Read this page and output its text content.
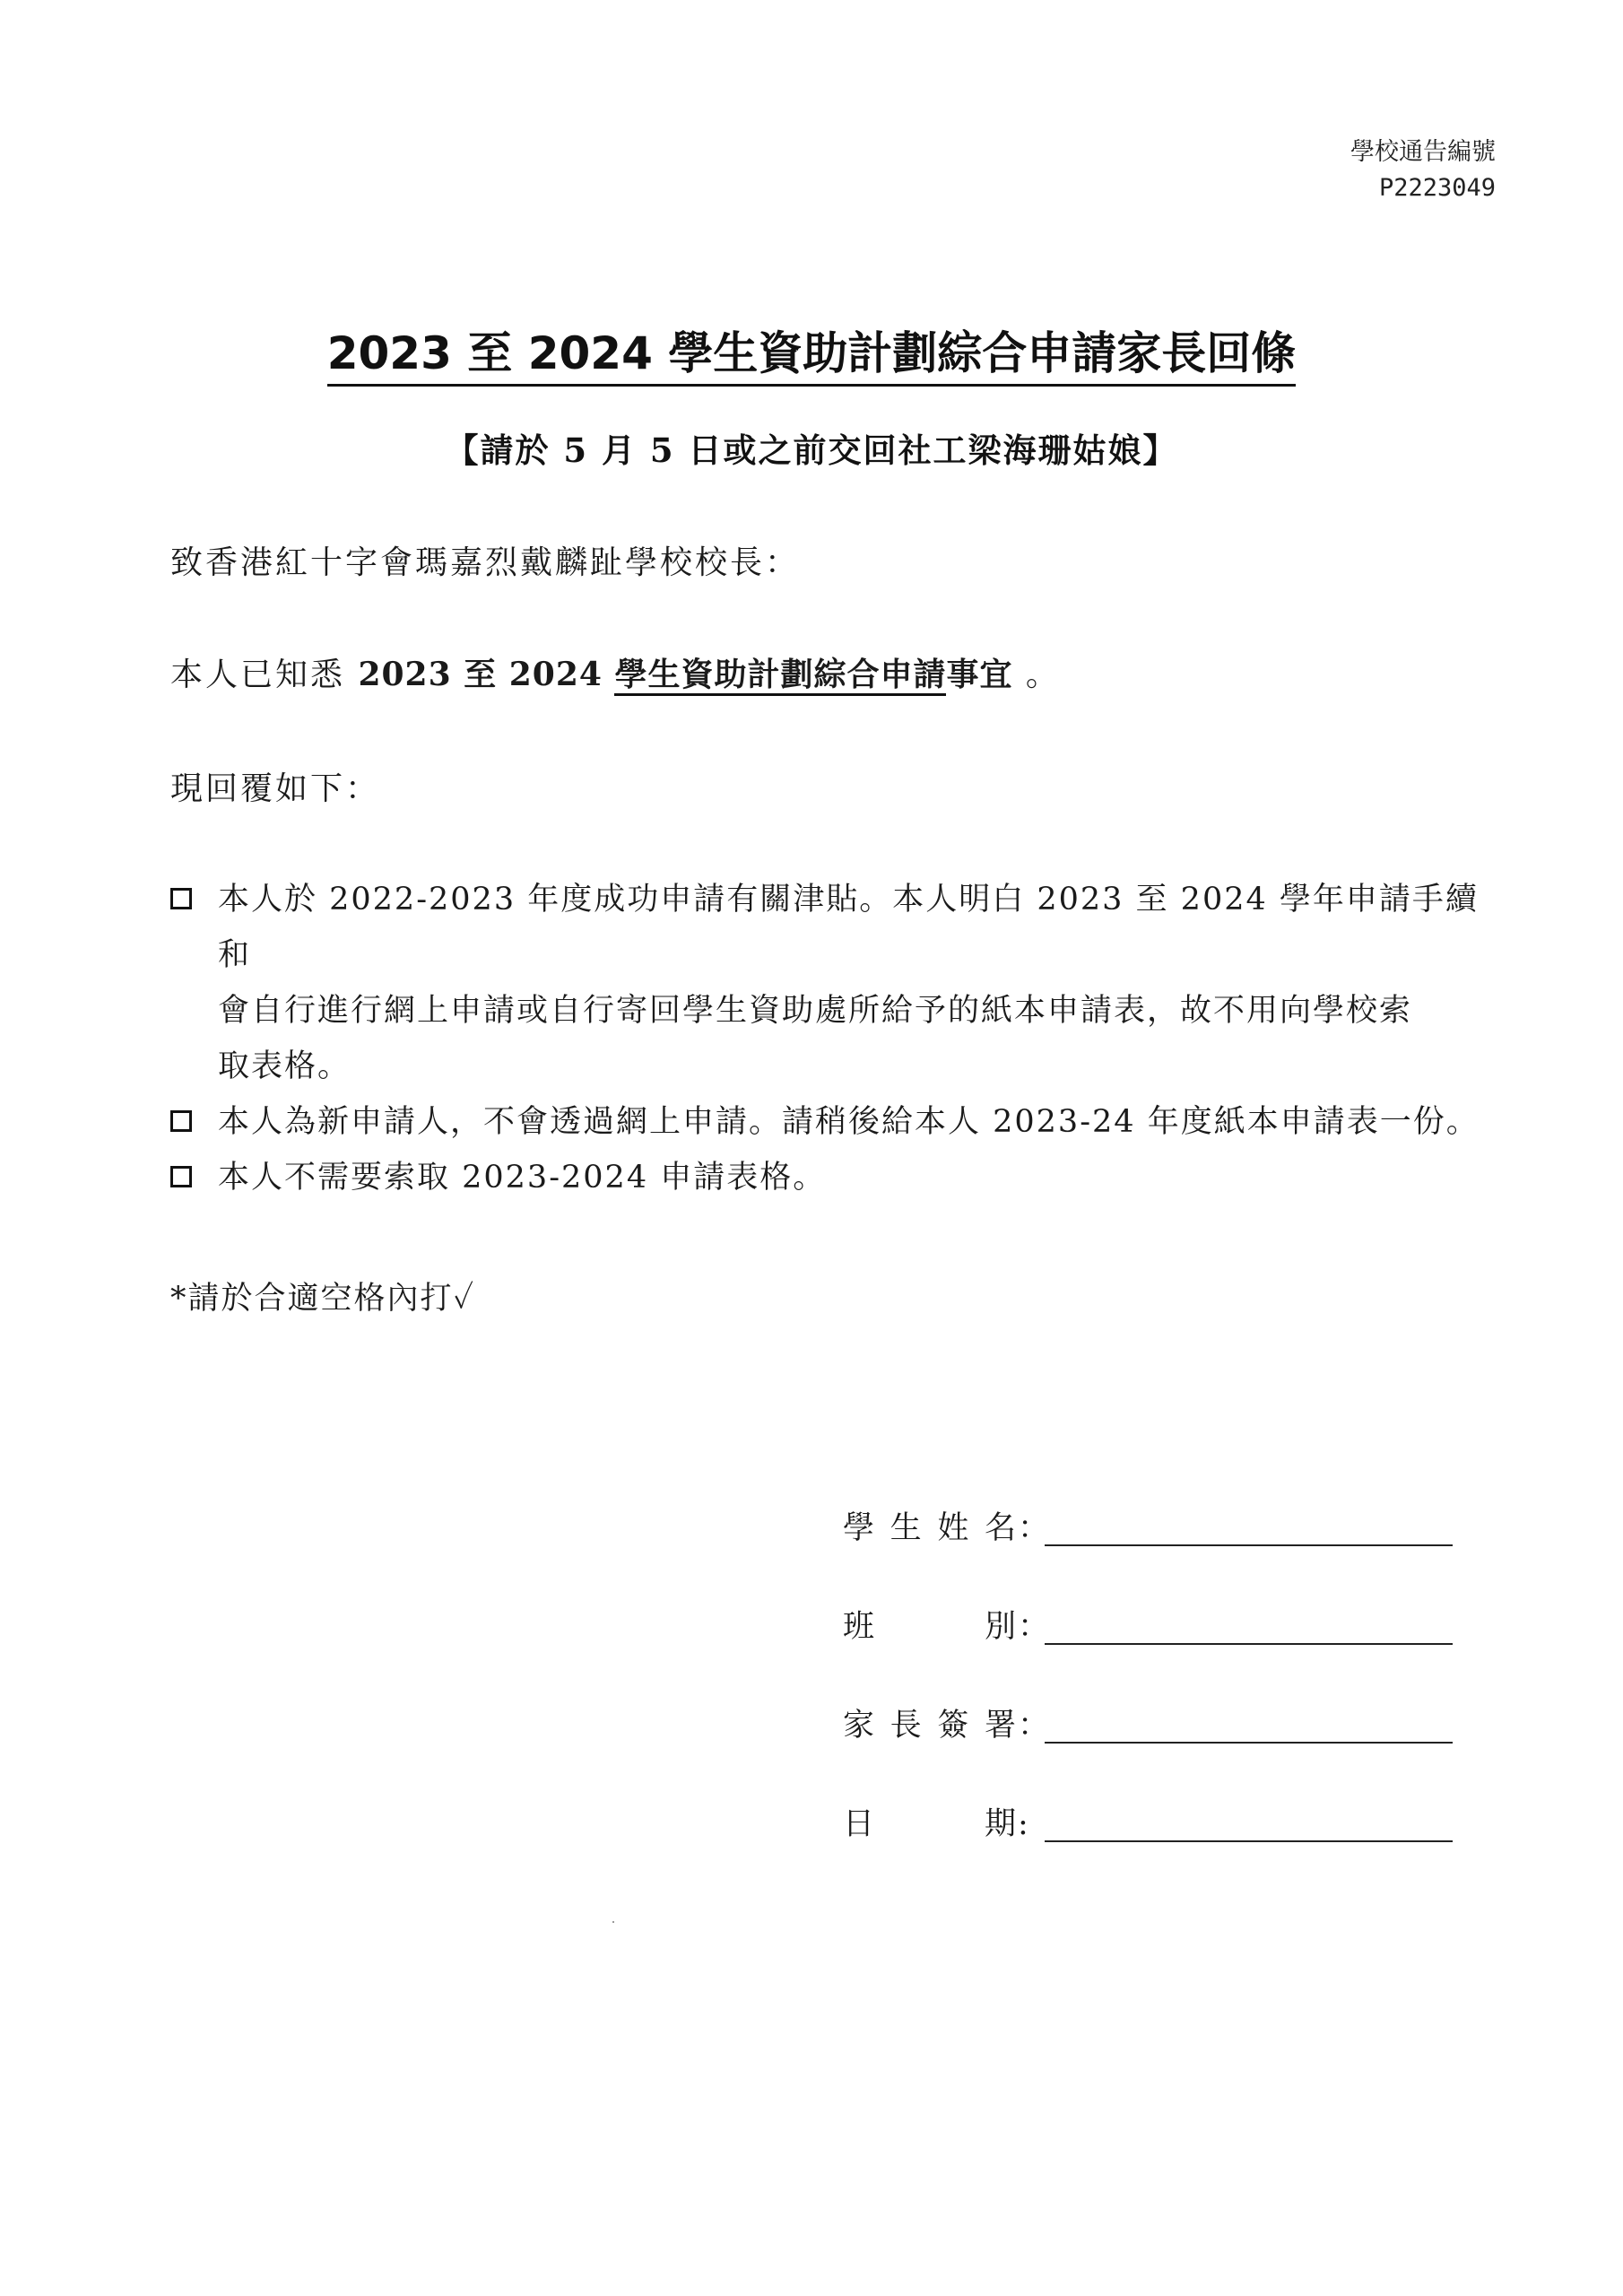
學校通告編號
P2223049
2023 至 2024 學生資助計劃綜合申請家長回條
【請於 5 月 5 日或之前交回社工梁海珊姑娘】
致香港紅十字會瑪嘉烈戴麟趾學校校長：
本人已知悉 2023 至 2024 學生資助計劃綜合申請事宜 。
現回覆如下：
本人於 2022-2023 年度成功申請有關津貼。本人明白 2023 至 2024 學年申請手續和
會自行進行網上申請或自行寄回學生資助處所給予的紙本申請表，故不用向學校索
取表格。
本人為新申請人，不會透過網上申請。請稍後給本人 2023-24 年度紙本申請表一份。
本人不需要索取 2023-2024 申請表格。
*請於合適空格內打✓
學生姓名 ：
班別 ：
家長簽署 ：
日期 :
